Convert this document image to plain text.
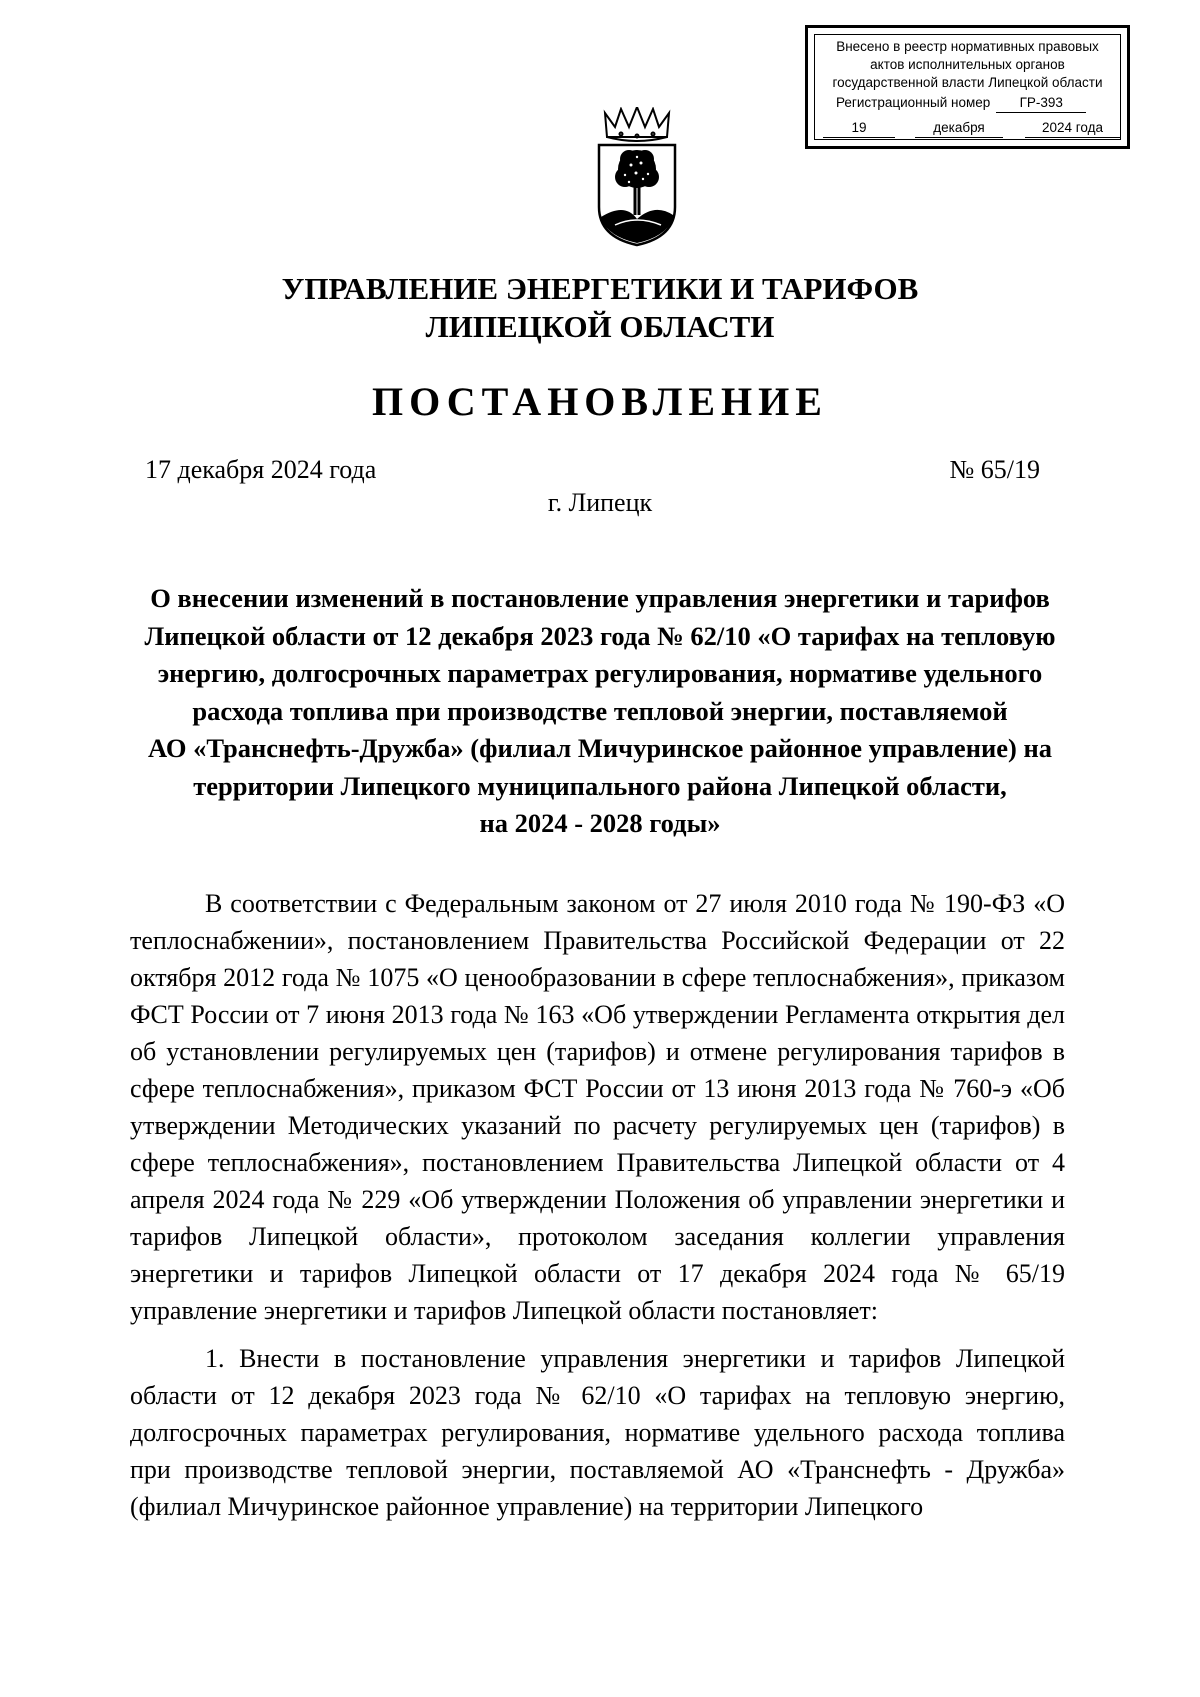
Внесено в реестр нормативных правовых
актов исполнительных органов
государственной власти Липецкой области
Регистрационный номер ГР-393
19	декабря	2024 года
УПРАВЛЕНИЕ ЭНЕРГЕТИКИ И ТАРИФОВ
ЛИПЕЦКОЙ ОБЛАСТИ
ПОСТАНОВЛЕНИЕ
17 декабря 2024 года	№ 65/19
г. Липецк
О внесении изменений в постановление управления энергетики и тарифов
Липецкой области от 12 декабря 2023 года № 62/10 «О тарифах на тепловую
энергию, долгосрочных параметрах регулирования, нормативе удельного
расхода топлива при производстве тепловой энергии, поставляемой
АО «Транснефть-Дружба» (филиал Мичуринское районное управление) на
территории Липецкого муниципального района Липецкой области,
на 2024 - 2028 годы»

В соответствии с Федеральным законом от 27 июля 2010 года № 190-ФЗ «О теплоснабжении», постановлением Правительства Российской Федерации от 22 октября 2012 года № 1075 «О ценообразовании в сфере теплоснабжения», приказом ФСТ России от 7 июня 2013 года № 163 «Об утверждении Регламента открытия дел об установлении регулируемых цен (тарифов) и отмене регулирования тарифов в сфере теплоснабжения», приказом ФСТ России от 13 июня 2013 года № 760-э «Об утверждении Методических указаний по расчету регулируемых цен (тарифов) в сфере теплоснабжения», постановлением Правительства Липецкой области от 4 апреля 2024 года № 229 «Об утверждении Положения об управлении энергетики и тарифов Липецкой области», протоколом заседания коллегии управления энергетики и тарифов Липецкой области от 17 декабря 2024 года № 65/19 управление энергетики и тарифов Липецкой области постановляет:

1. Внести в постановление управления энергетики и тарифов Липецкой области от 12 декабря 2023 года № 62/10 «О тарифах на тепловую энергию, долгосрочных параметрах регулирования, нормативе удельного расхода топлива при производстве тепловой энергии, поставляемой АО «Транснефть - Дружба» (филиал Мичуринское районное управление) на территории Липецкого
